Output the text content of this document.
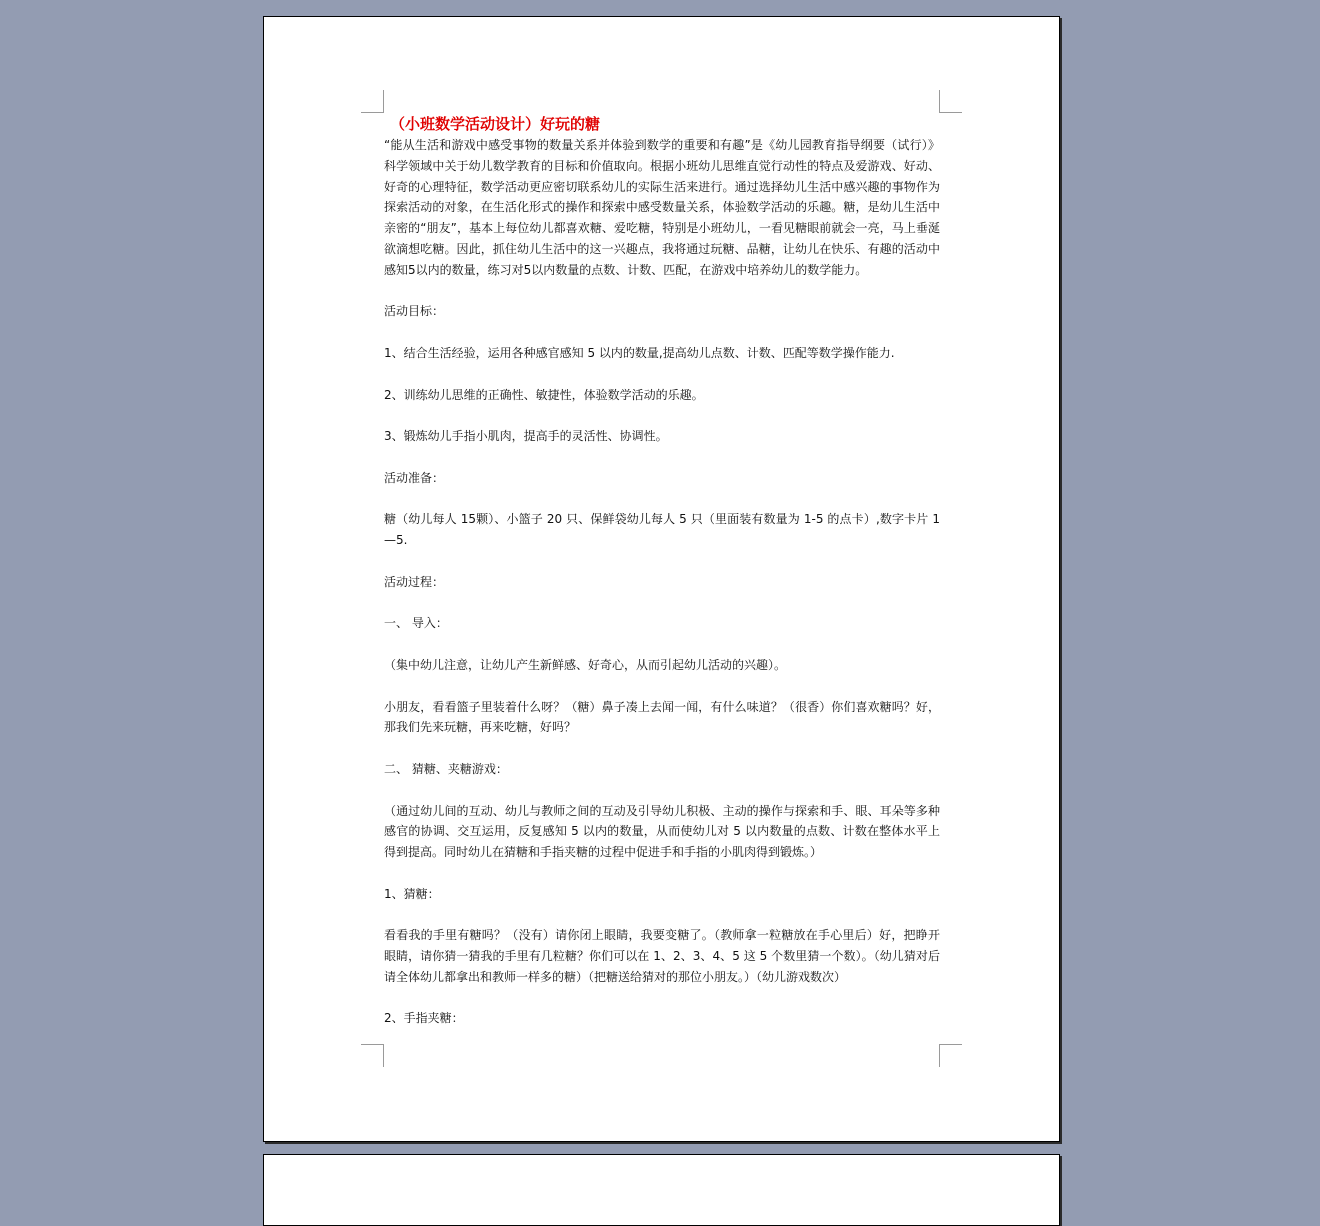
（小班数学活动设计）好玩的糖

“能从生活和游戏中感受事物的数量关系并体验到数学的重要和有趣”是《幼儿园教育指导纲要（试行）》科学领域中关于幼儿数学教育的目标和价值取向。根据小班幼儿思维直觉行动性的特点及爱游戏、好动、好奇的心理特征，数学活动更应密切联系幼儿的实际生活来进行。通过选择幼儿生活中感兴趣的事物作为探索活动的对象，在生活化形式的操作和探索中感受数量关系，体验数学活动的乐趣。糖，是幼儿生活中亲密的“朋友”，基本上每位幼儿都喜欢糖、爱吃糖，特别是小班幼儿，一看见糖眼前就会一亮，马上垂涎欲滴想吃糖。因此，抓住幼儿生活中的这一兴趣点，我将通过玩糖、品糖，让幼儿在快乐、有趣的活动中感知5以内的数量，练习对5以内数量的点数、计数、匹配，在游戏中培养幼儿的数学能力。

活动目标：

1、结合生活经验，运用各种感官感知 5 以内的数量,提高幼儿点数、计数、匹配等数学操作能力.

2、训练幼儿思维的正确性、敏捷性，体验数学活动的乐趣。

3、锻炼幼儿手指小肌肉，提高手的灵活性、协调性。

活动准备：

糖（幼儿每人 15颗）、小篮子 20 只、保鲜袋幼儿每人 5 只（里面装有数量为 1-5 的点卡）,数字卡片 1—5.

活动过程：

一、 导入：

（集中幼儿注意，让幼儿产生新鲜感、好奇心，从而引起幼儿活动的兴趣）。

小朋友，看看篮子里装着什么呀？（糖）鼻子凑上去闻一闻，有什么味道？（很香）你们喜欢糖吗？好，那我们先来玩糖，再来吃糖，好吗？

二、 猜糖、夹糖游戏：

（通过幼儿间的互动、幼儿与教师之间的互动及引导幼儿积极、主动的操作与探索和手、眼、耳朵等多种感官的协调、交互运用，反复感知 5 以内的数量，从而使幼儿对 5 以内数量的点数、计数在整体水平上得到提高。同时幼儿在猜糖和手指夹糖的过程中促进手和手指的小肌肉得到锻炼。）

1、猜糖：

看看我的手里有糖吗？（没有）请你闭上眼睛，我要变糖了。（教师拿一粒糖放在手心里后）好，把睁开眼睛，请你猜一猜我的手里有几粒糖？你们可以在 1、2、3、4、5 这 5 个数里猜一个数）。（幼儿猜对后请全体幼儿都拿出和教师一样多的糖）（把糖送给猜对的那位小朋友。）（幼儿游戏数次）

2、手指夹糖：
